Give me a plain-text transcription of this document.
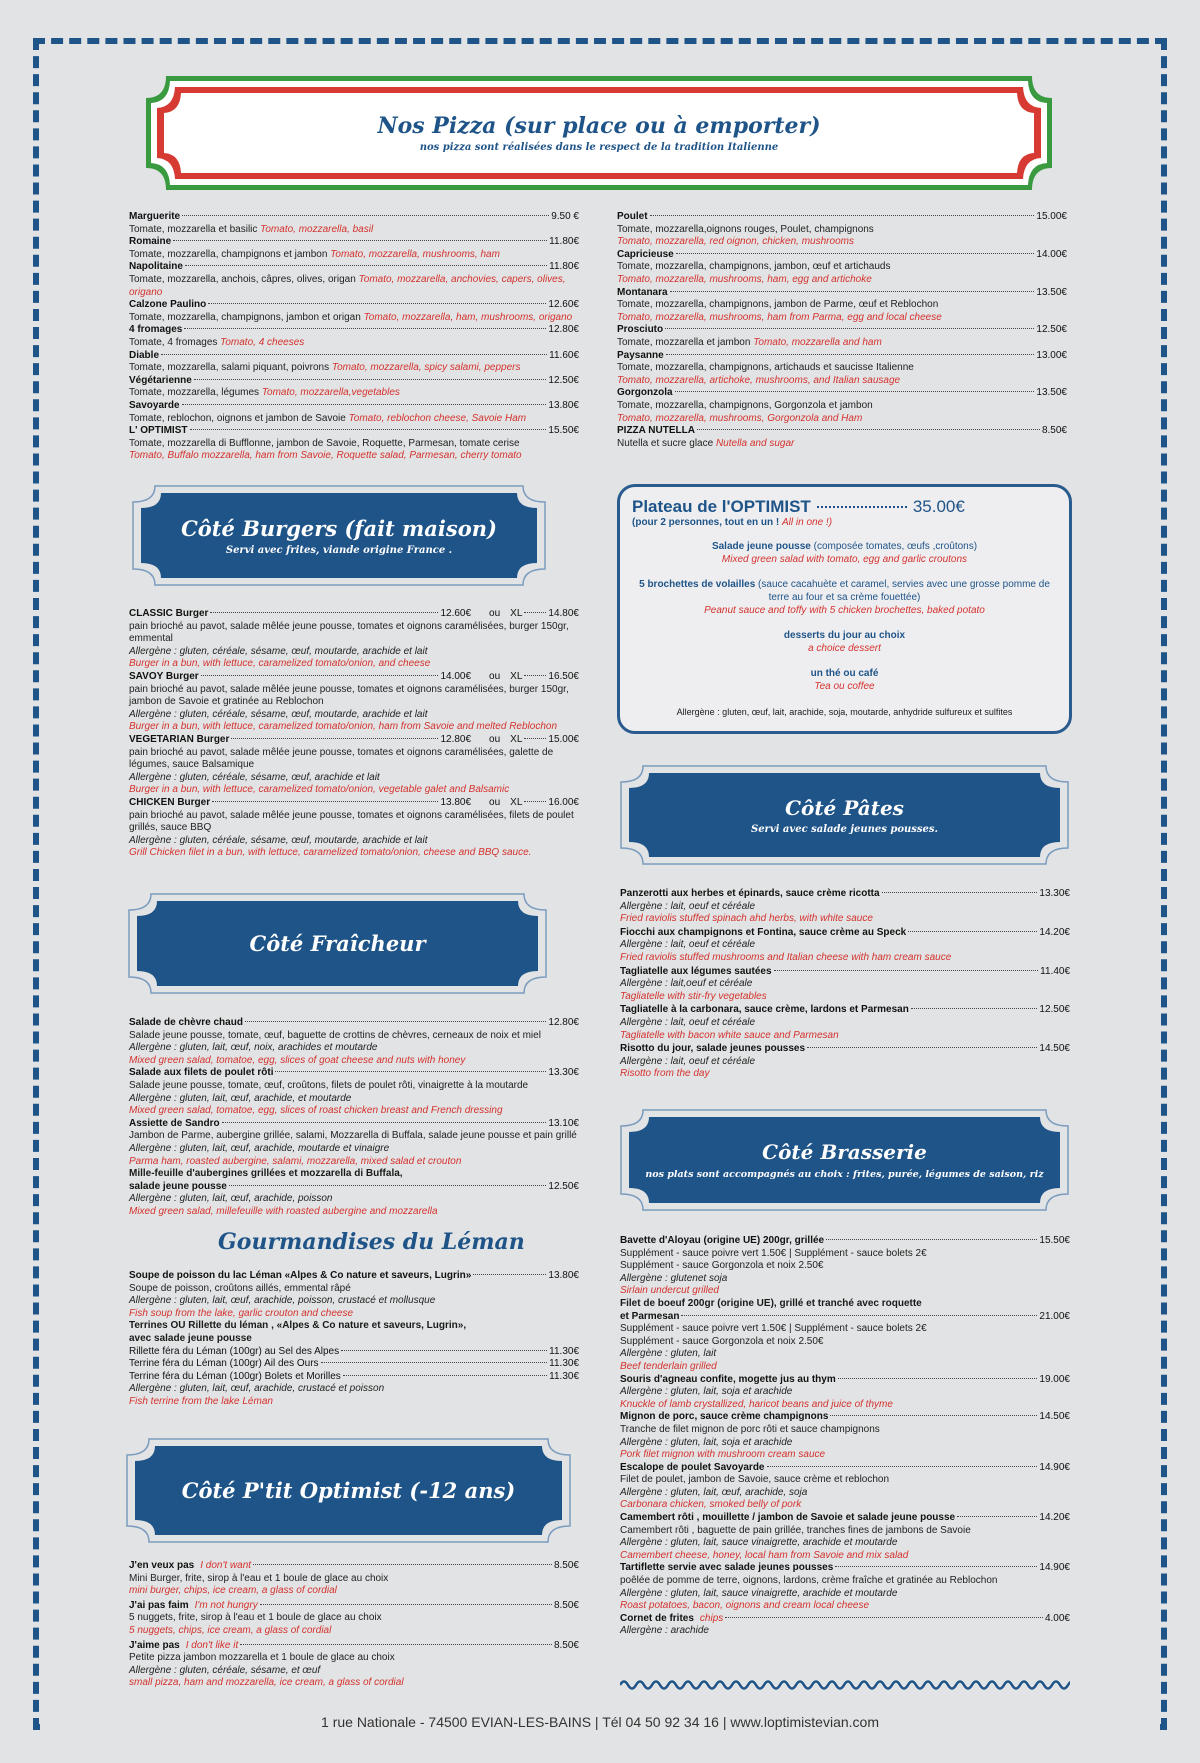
Nos Pizza (sur place ou à emporter)
nos pizza sont réalisées dans le respect de la tradition Italienne
Marguerite	9.50 €
Tomate, mozzarella et basilic Tomato, mozzarella, basil
Romaine	11.80€
Tomate, mozzarella, champignons et jambon Tomato, mozzarella, mushrooms, ham
Napolitaine	11.80€
Tomate, mozzarella, anchois, câpres, olives, origan Tomato, mozzarella, anchovies, capers, olives, origano
Calzone Paulino	12.60€
Tomate, mozzarella, champignons, jambon et origan Tomato, mozzarella, ham, mushrooms, origano
4 fromages	12.80€
Tomate, 4 fromages Tomato, 4 cheeses
Diable	11.60€
Tomate, mozzarella, salami piquant, poivrons Tomato, mozzarella, spicy salami, peppers
Végétarienne	12.50€
Tomate, mozzarella, légumes Tomato, mozzarella,vegetables
Savoyarde	13.80€
Tomate, reblochon, oignons et jambon de Savoie Tomato, reblochon cheese, Savoie Ham
L' OPTIMIST	15.50€
Tomate, mozzarella di Bufflonne, jambon de Savoie, Roquette, Parmesan, tomate cerise
Tomato, Buffalo mozzarella, ham from Savoie, Roquette salad, Parmesan, cherry tomato
Poulet	15.00€
Tomate, mozzarella,oignons rouges, Poulet, champignons
Tomato, mozzarella, red oignon, chicken, mushrooms
Capricieuse	14.00€
Tomate, mozzarella, champignons, jambon, œuf et artichauds
Tomato, mozzarella, mushrooms, ham, egg and artichoke
Montanara	13.50€
Tomate, mozzarella, champignons, jambon de Parme, œuf et Reblochon
Tomato, mozzarella, mushrooms, ham from Parma, egg and local cheese
Prosciuto	12.50€
Tomate, mozzarella et jambon Tomato, mozzarella and ham
Paysanne	13.00€
Tomate, mozzarella, champignons, artichauds et saucisse Italienne
Tomato, mozzarella, artichoke, mushrooms, and Italian sausage
Gorgonzola	13.50€
Tomate, mozzarella, champignons, Gorgonzola et jambon
Tomato, mozzarella, mushrooms, Gorgonzola and Ham
PIZZA NUTELLA	8.50€
Nutella et sucre glace Nutella and sugar
Côté Burgers (fait maison)
Servi avec frites, viande origine France .
CLASSIC Burger	12.60€ ou XL	14.80€
pain brioché au pavot, salade mêlée jeune pousse, tomates et oignons caramélisées, burger 150gr, emmental
Allergène : gluten, céréale, sésame, œuf, moutarde, arachide et lait
Burger in a bun, with lettuce, caramelized tomato/onion, and cheese
SAVOY Burger	14.00€ ou XL	16.50€
pain brioché au pavot, salade mêlée jeune pousse, tomates et oignons caramélisées, burger 150gr, jambon de Savoie et gratinée au Reblochon
Allergène : gluten, céréale, sésame, œuf, moutarde, arachide et lait
Burger in a bun, with lettuce, caramelized tomato/onion, ham from Savoie and melted Reblochon
VEGETARIAN Burger	12.80€ ou XL	15.00€
pain brioché au pavot, salade mêlée jeune pousse, tomates et oignons caramélisées, galette de légumes, sauce Balsamique
Allergène : gluten, céréale, sésame, œuf, arachide et lait
Burger in a bun, with lettuce, caramelized tomato/onion, vegetable galet and Balsamic
CHICKEN Burger	13.80€ ou XL	16.00€
pain brioché au pavot, salade mêlée jeune pousse, tomates et oignons caramélisées, filets de poulet grillés, sauce BBQ
Allergène : gluten, céréale, sésame, œuf, moutarde, arachide et lait
Grill Chicken filet in a bun, with lettuce, caramelized tomato/onion, cheese and BBQ sauce.
Plateau de l'OPTIMIST	35.00€
(pour 2 personnes, tout en un ! All in one !)
Salade jeune pousse (composée tomates, œufs ,croûtons)
Mixed green salad with tomato, egg and garlic croutons
5 brochettes de volailles (sauce cacahuète et caramel, servies avec une grosse pomme de terre au four et sa crème fouettée)
Peanut sauce and toffy with 5 chicken brochettes, baked potato
desserts du jour au choix
a choice dessert
un thé ou café
Tea ou coffee
Allergène : gluten, œuf, lait, arachide, soja, moutarde, anhydride sulfureux et sulfites
Côté Pâtes
Servi avec salade jeunes pousses.
Panzerotti aux herbes et épinards, sauce crème ricotta	13.30€
Allergène : lait, oeuf et céréale
Fried raviolis stuffed spinach ahd herbs, with white sauce
Fiocchi aux champignons et Fontina, sauce crème au Speck	14.20€
Allergène : lait, oeuf et céréale
Fried raviolis stuffed mushrooms and Italian cheese with ham cream sauce
Tagliatelle aux légumes sautées	11.40€
Allergène : lait,oeuf et céréale
Tagliatelle with stir-fry vegetables
Tagliatelle à la carbonara, sauce crème, lardons et Parmesan	12.50€
Allergène : lait, oeuf et céréale
Tagliatelle with bacon white sauce and Parmesan
Risotto du jour, salade jeunes pousses	14.50€
Allergène : lait, oeuf et céréale
Risotto from the day
Côté Fraîcheur
Salade de chèvre chaud	12.80€
Salade jeune pousse, tomate, œuf, baguette de crottins de chèvres, cerneaux de noix et miel
Allergène : gluten, lait, œuf, noix, arachides et moutarde
Mixed green salad, tomatoe, egg, slices of goat cheese and nuts with honey
Salade aux filets de poulet rôti	13.30€
Salade jeune pousse, tomate, œuf, croûtons, filets de poulet rôti, vinaigrette à la moutarde
Allergène : gluten, lait, œuf, arachide, et moutarde
Mixed green salad, tomatoe, egg, slices of roast chicken breast and French dressing
Assiette de Sandro	13.10€
Jambon de Parme, aubergine grillée, salami, Mozzarella di Buffala, salade jeune pousse et pain grillé
Allergène : gluten, lait, œuf, arachide, moutarde et vinaigre
Parma ham, roasted aubergine, salami, mozzarella, mixed salad et crouton
Mille-feuille d'aubergines grillées et mozzarella di Buffala,
salade jeune pousse	12.50€
Allergène : gluten, lait, œuf, arachide, poisson
Mixed green salad, millefeuille with roasted aubergine and mozzarella
Gourmandises du Léman
Soupe de poisson du lac Léman «Alpes & Co nature et saveurs, Lugrin»	13.80€
Soupe de poisson, croûtons aillés, emmental râpé
Allergène : gluten, lait, œuf, arachide, poisson, crustacé et mollusque
Fish soup from the lake, garlic crouton and cheese
Terrines OU Rillette du léman , «Alpes & Co nature et saveurs, Lugrin»,
avec salade jeune pousse
Rillette féra du Léman (100gr) au Sel des Alpes	11.30€
Terrine féra du Léman (100gr) Ail des Ours	11.30€
Terrine féra du Léman (100gr) Bolets et Morilles	11.30€
Allergène : gluten, lait, œuf, arachide, crustacé et poisson
Fish terrine from the lake Léman
Côté Brasserie
nos plats sont accompagnés au choix : frites, purée, légumes de saison, riz
Bavette d'Aloyau (origine UE) 200gr, grillée	15.50€
Supplément - sauce poivre vert 1.50€ | Supplément - sauce bolets 2€
Supplément - sauce Gorgonzola et noix 2.50€
Allergène : glutenet soja
Sirlain undercut grilled
Filet de boeuf 200gr (origine UE), grillé et tranché avec roquette
et Parmesan	21.00€
Supplément - sauce poivre vert 1.50€ | Supplément - sauce bolets 2€
Supplément - sauce Gorgonzola et noix 2.50€
Allergène : gluten, lait
Beef tenderlain grilled
Souris d'agneau confite, mogette jus au thym	19.00€
Allergène : gluten, lait, soja et arachide
Knuckle of lamb crystallized, haricot beans and juice of thyme
Mignon de porc, sauce crème champignons	14.50€
Tranche de filet mignon de porc rôti et sauce champignons
Allergène : gluten, lait, soja et arachide
Pork filet mignon with mushroom cream sauce
Escalope de poulet Savoyarde	14.90€
Filet de poulet, jambon de Savoie, sauce crème et reblochon
Allergène : gluten, lait, œuf, arachide, soja
Carbonara chicken, smoked belly of pork
Camembert rôti , mouillette / jambon de Savoie et salade jeune pousse	14.20€
Camembert rôti , baguette de pain grillée, tranches fines de jambons de Savoie
Allergène : gluten, lait, sauce vinaigrette, arachide et moutarde
Camembert cheese, honey, local ham from Savoie and mix salad
Tartiflette servie avec salade jeunes pousses	14.90€
poêlée de pomme de terre, oignons, lardons, crème fraîche et gratinée au Reblochon
Allergène : gluten, lait, sauce vinaigrette, arachide et moutarde
Roast potatoes, bacon, oignons and cream local cheese
Cornet de frites chips	4.00€
Allergène : arachide
Côté P'tit Optimist (-12 ans)
J'en veux pas I don't want	8.50€
Mini Burger, frite, sirop à l'eau et 1 boule de glace au choix
mini burger, chips, ice cream, a glass of cordial
J'ai pas faim I'm not hungry	8.50€
5 nuggets, frite, sirop à l'eau et 1 boule de glace au choix
5 nuggets, chips, ice cream, a glass of cordial
J'aime pas I don't like it	8.50€
Petite pizza jambon mozzarella et 1 boule de glace au choix
Allergène : gluten, céréale, sésame, et œuf
small pizza, ham and mozzarella, ice cream, a glass of cordial
1 rue Nationale - 74500 EVIAN-LES-BAINS | Tél 04 50 92 34 16 | www.loptimistevian.com
